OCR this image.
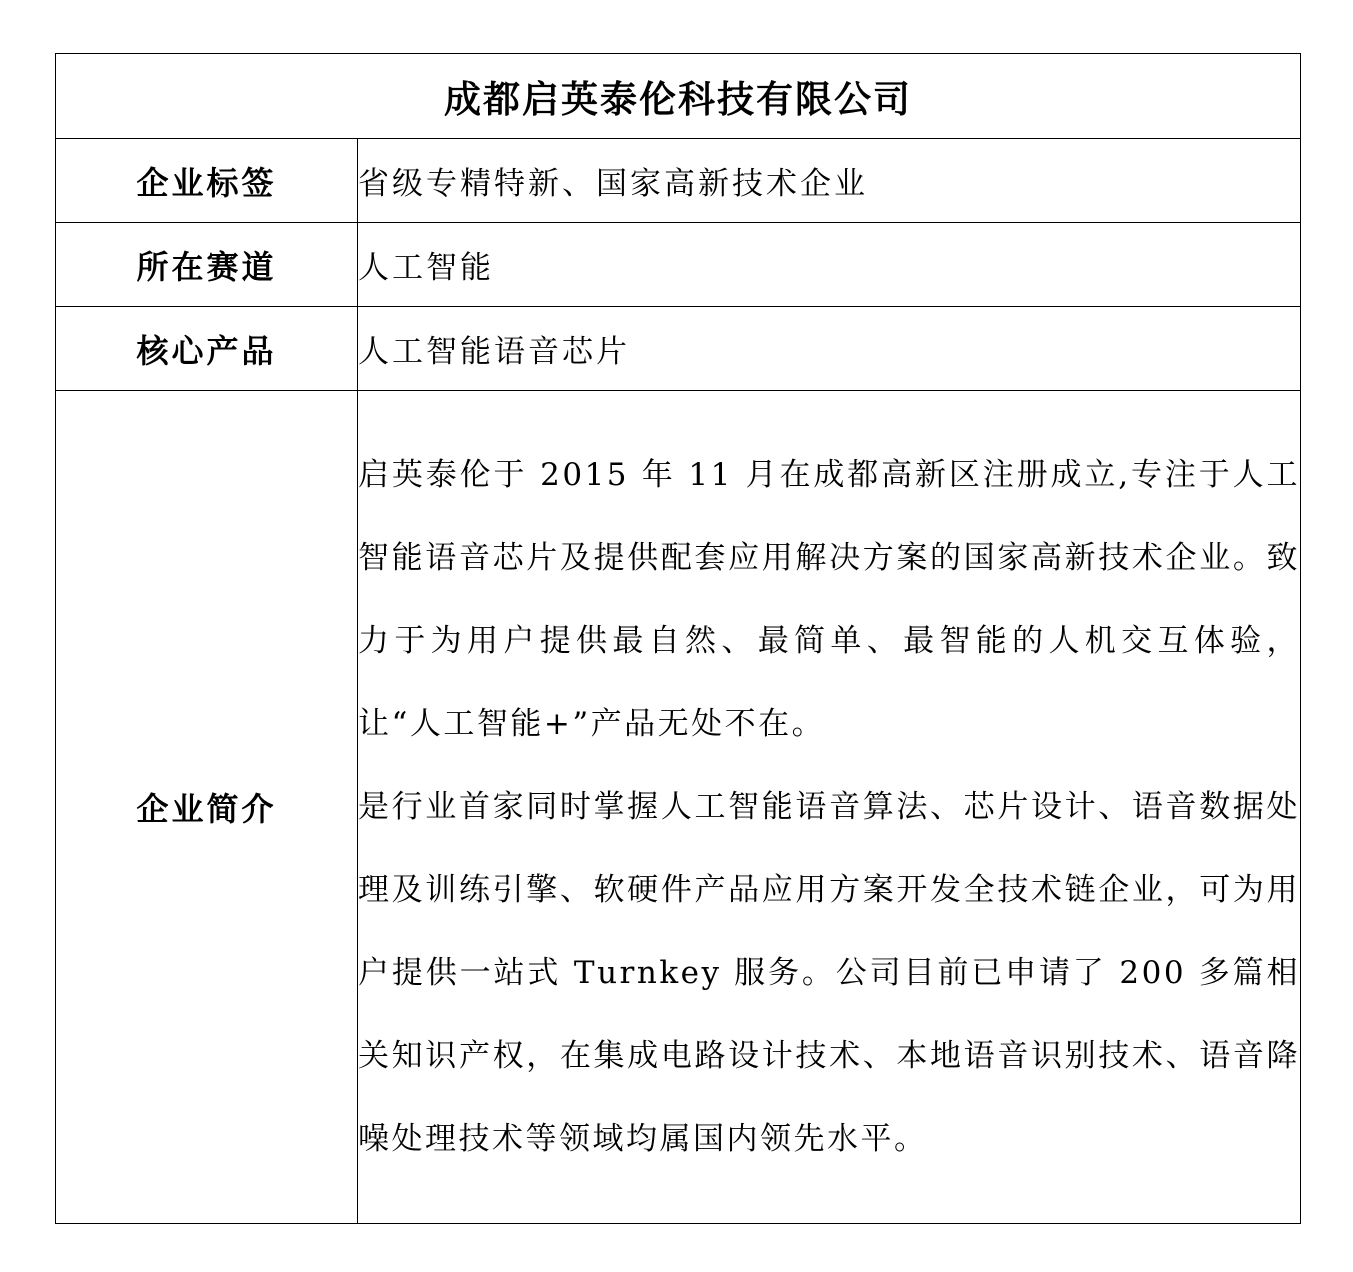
成都启英泰伦科技有限公司	
企业标签	省级专精特新、国家高新技术企业
所在赛道	人工智能
核心产品	人工智能语音芯片
企业简介	启英泰伦于 2015 年 11 月在成都高新区注册成立,专注于人工智能语音芯片及提供配套应用解决方案的国家高新技术企业。致力于为用户提供最自然、最简单、最智能的人机交互体验，让“人工智能+”产品无处不在。

是行业首家同时掌握人工智能语音算法、芯片设计、语音数据处理及训练引擎、软硬件产品应用方案开发全技术链企业，可为用户提供一站式 Turnkey 服务。公司目前已申请了 200 多篇相关知识产权，在集成电路设计技术、本地语音识别技术、语音降噪处理技术等领域均属国内领先水平。
